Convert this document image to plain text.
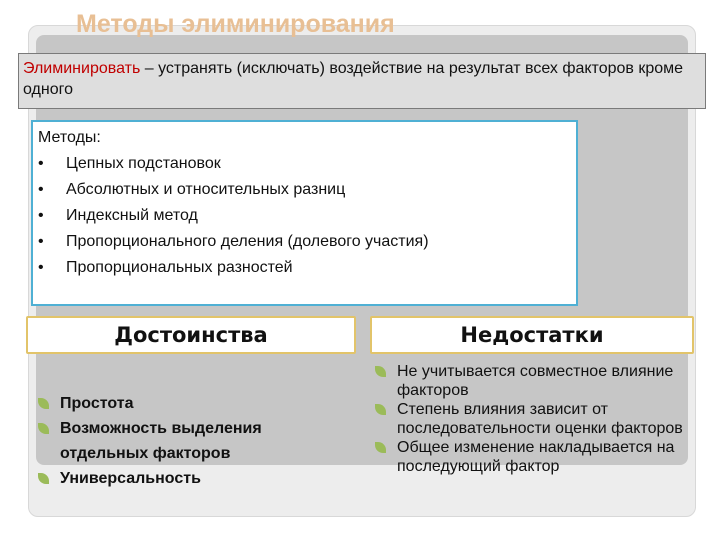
Методы элиминирования
Элиминировать – устранять (исключать) воздействие на результат всех факторов кроме одного
Методы:
•	Цепных подстановок
•	Абсолютных и относительных разниц
•	Индексный метод
•	Пропорционального деления (долевого участия)
•	Пропорциональных разностей
Достоинства	Недостатки
Простота
Возможность выделения отдельных факторов
Универсальность
Не учитывается совместное влияние факторов
Степень влияния зависит от последовательности оценки факторов
Общее изменение накладывается на последующий фактор
